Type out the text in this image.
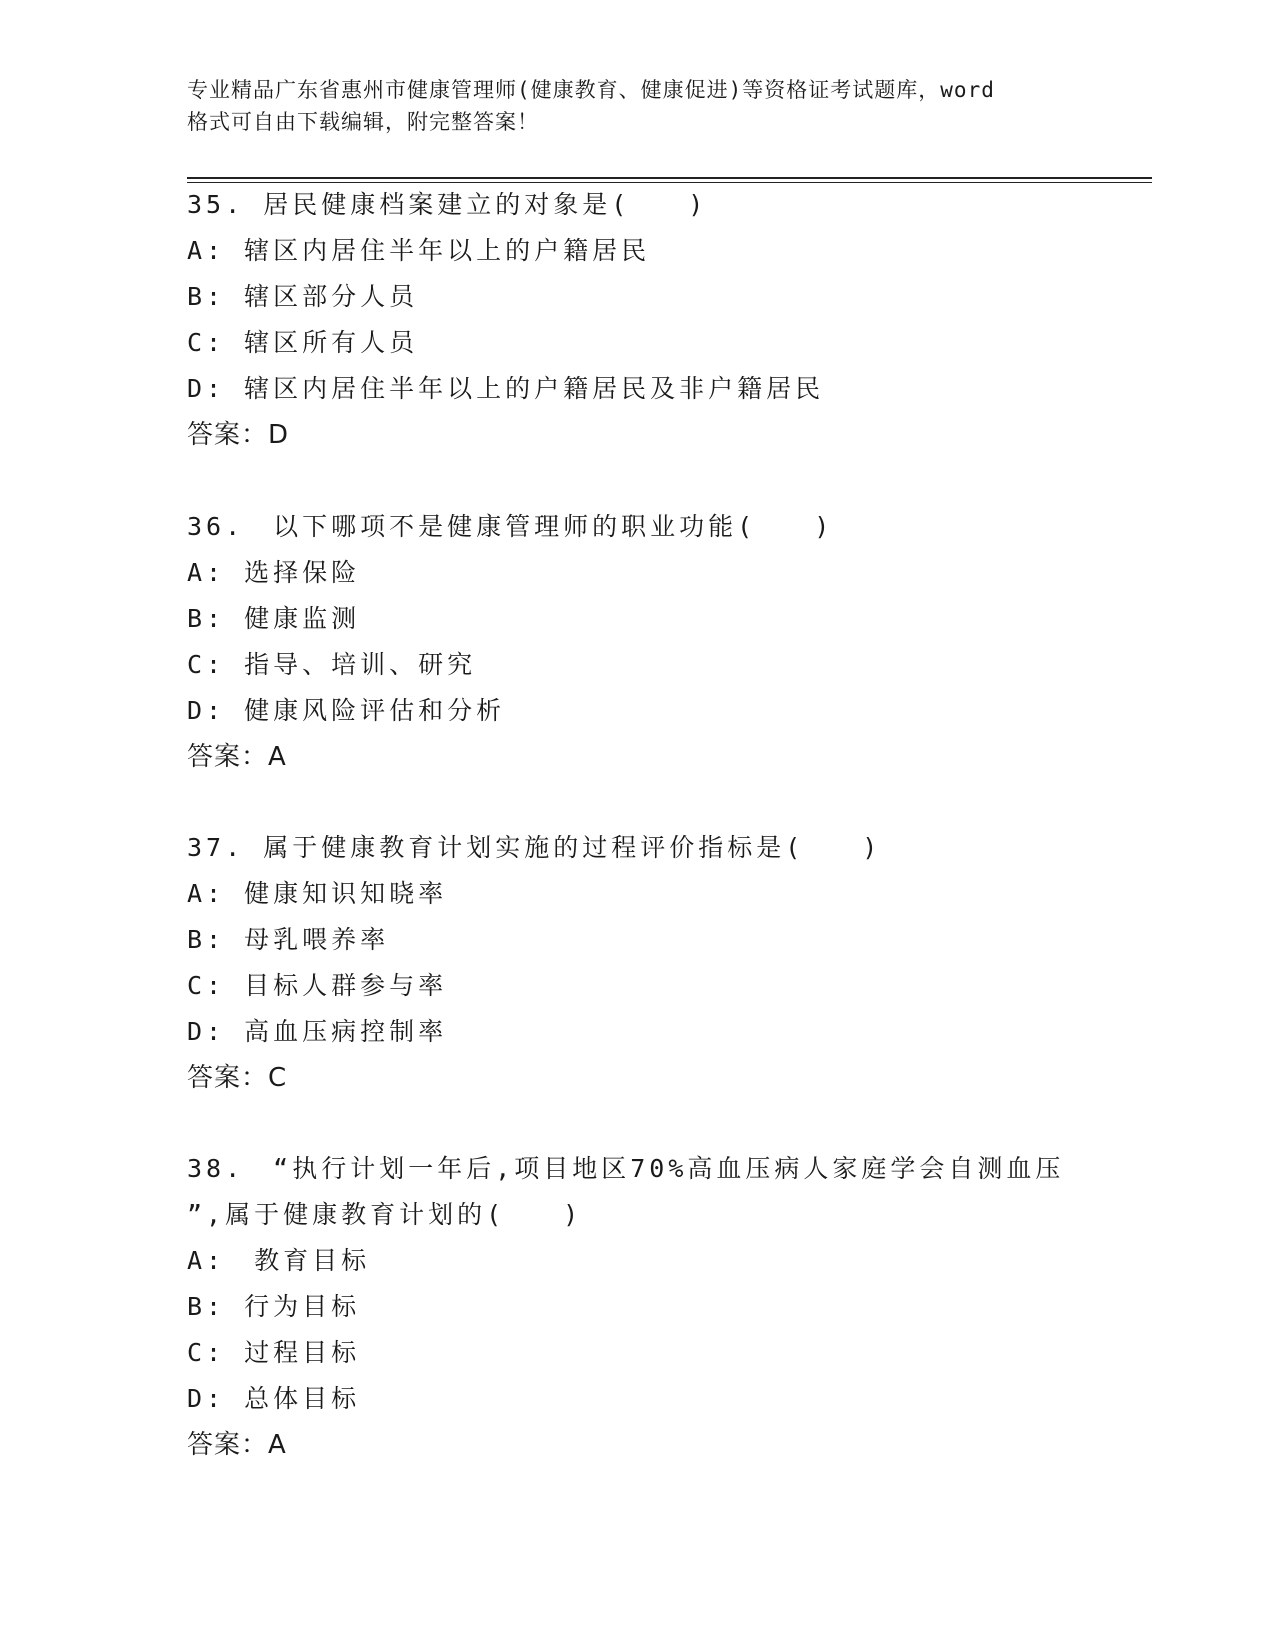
专业精品广东省惠州市健康管理师(健康教育、健康促进)等资格证考试题库，word
格式可自由下载编辑，附完整答案！
35. 居民健康档案建立的对象是(　　)
A: 辖区内居住半年以上的户籍居民
B: 辖区部分人员
C: 辖区所有人员
D: 辖区内居住半年以上的户籍居民及非户籍居民
答案：D
36.　以下哪项不是健康管理师的职业功能(　　)
A: 选择保险
B: 健康监测
C: 指导、培训、研究
D: 健康风险评估和分析
答案：A
37. 属于健康教育计划实施的过程评价指标是(　　)
A: 健康知识知晓率
B: 母乳喂养率
C: 目标人群参与率
D: 高血压病控制率
答案：C
38.　“执行计划一年后,项目地区70%高血压病人家庭学会自测血压
”,属于健康教育计划的(　　)
A:　教育目标
B: 行为目标
C: 过程目标
D: 总体目标
答案：A
